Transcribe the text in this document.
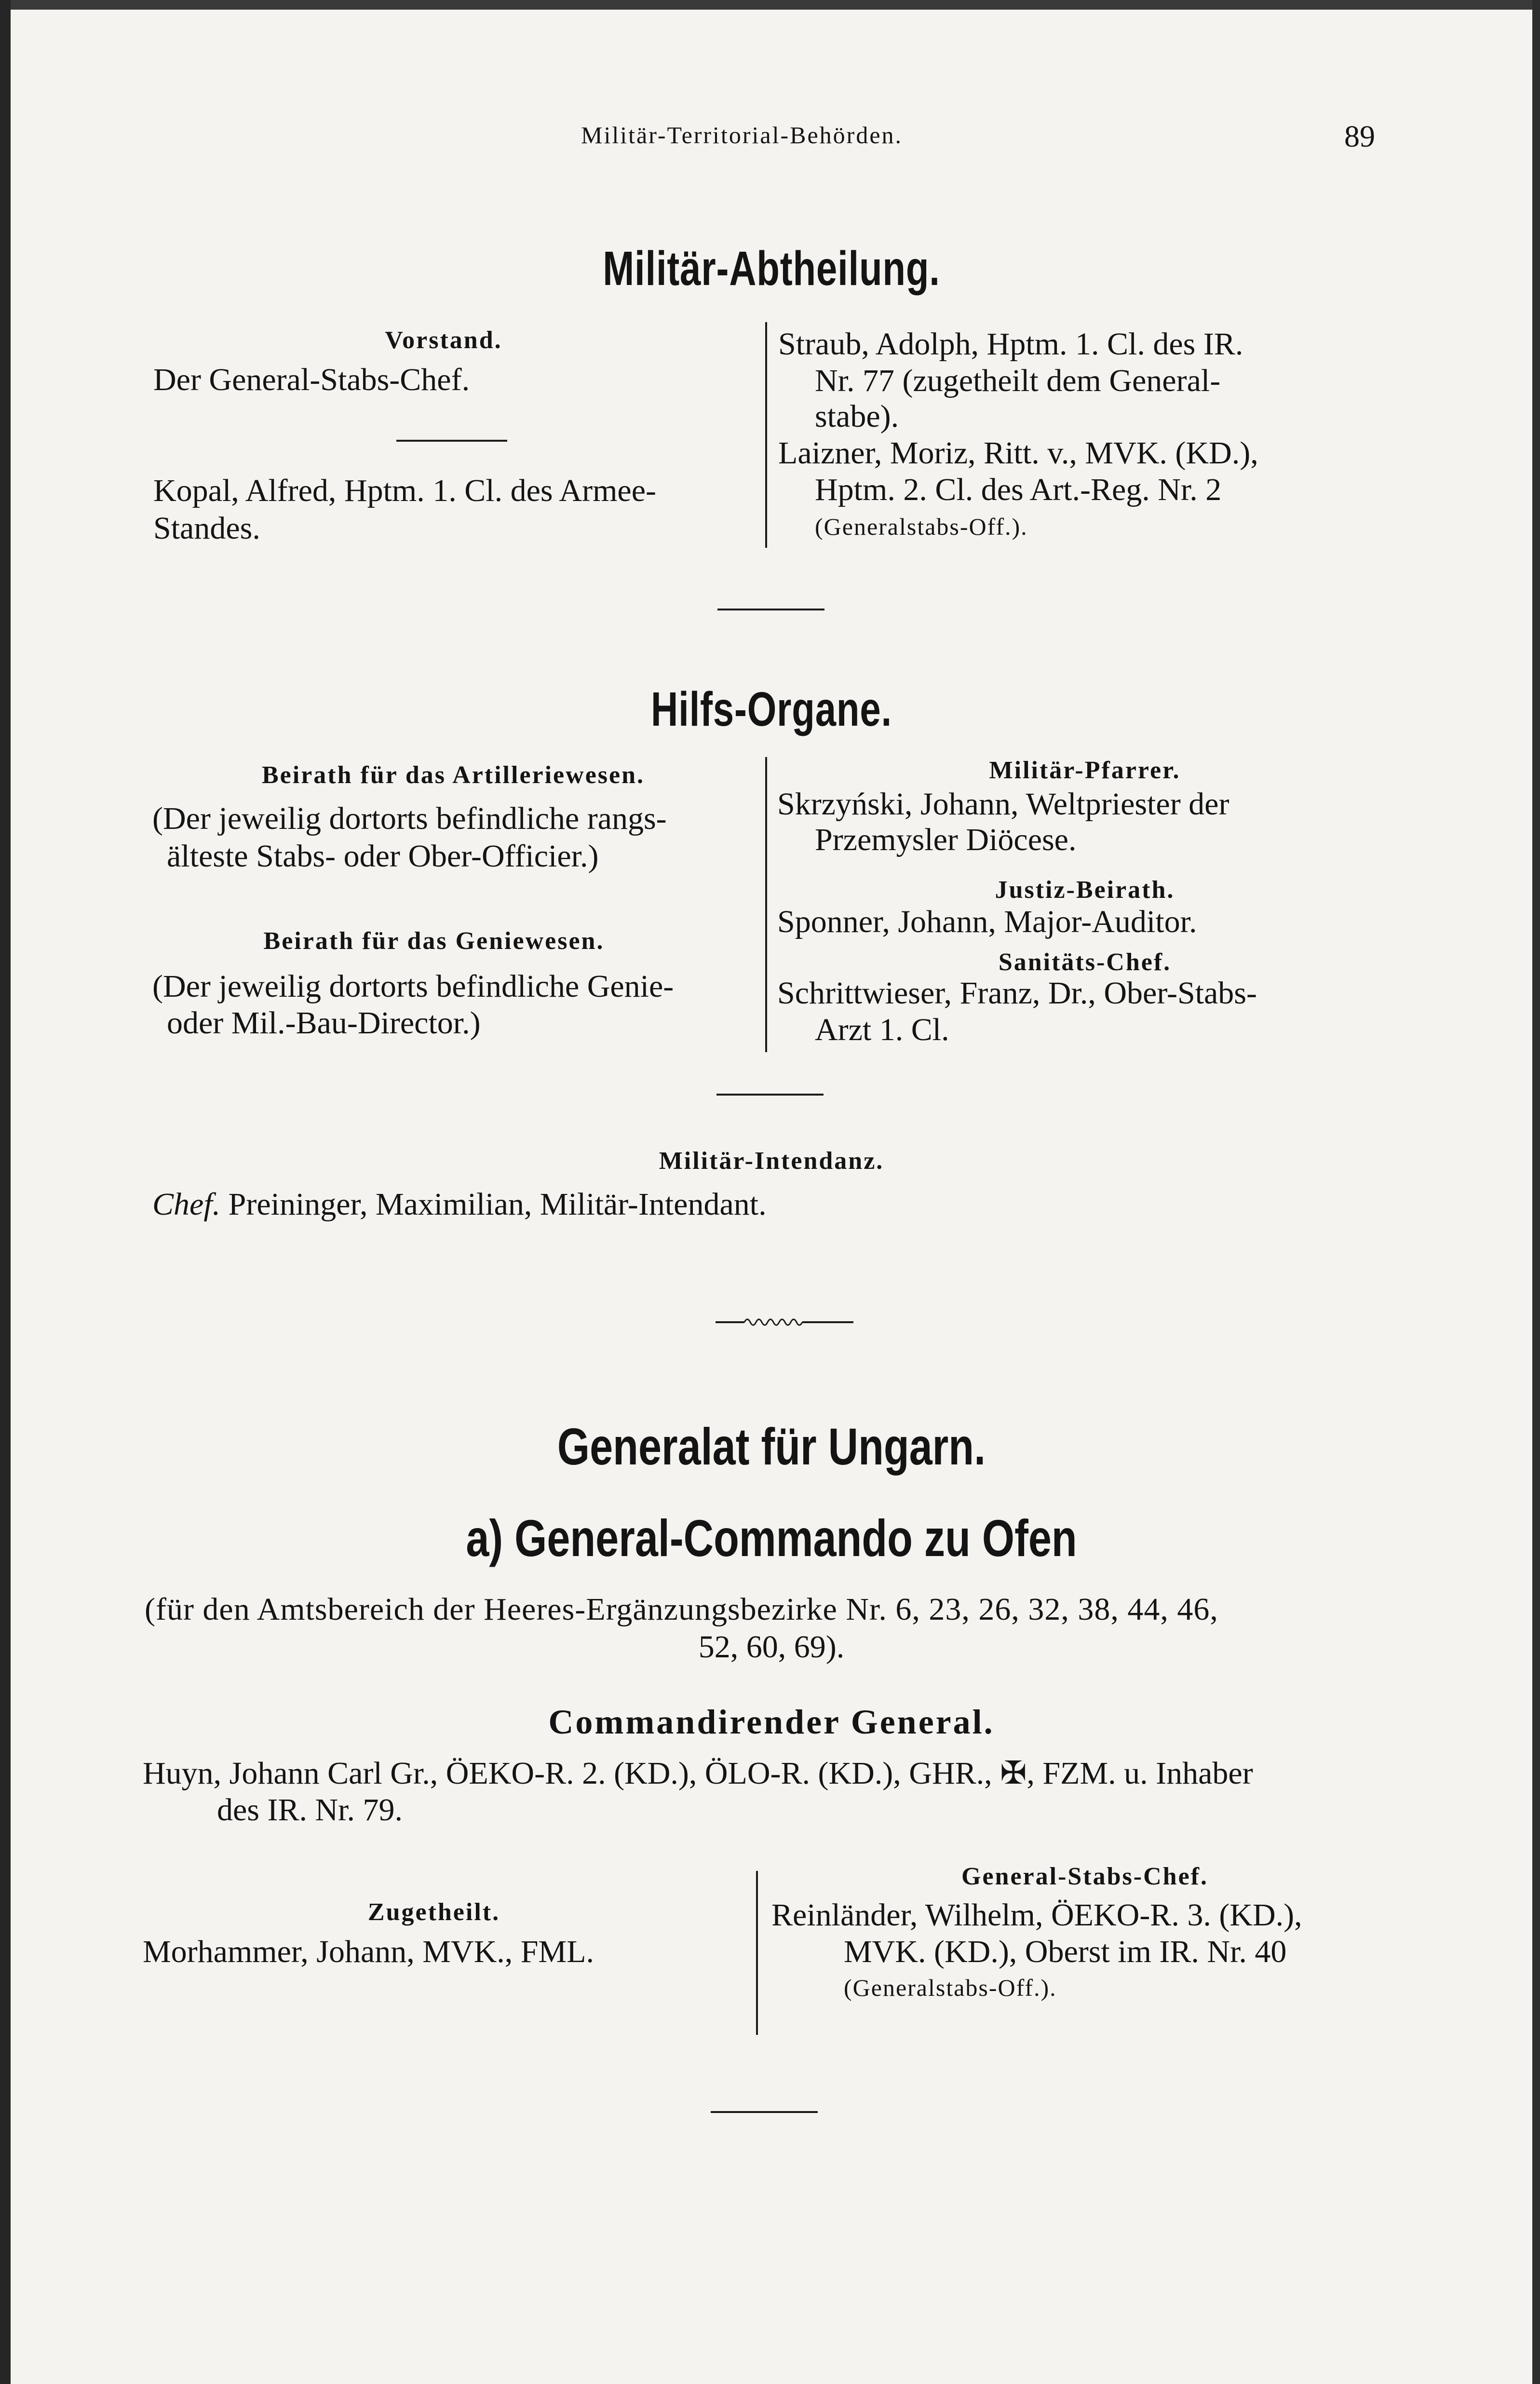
Militär-Territorial-Behörden.	89
Militär-Abtheilung.
Vorstand.
Der General-Stabs-Chef.
Kopal, Alfred, Hptm. 1. Cl. des Armee-
Standes.
Straub, Adolph, Hptm. 1. Cl. des IR.
Nr. 77 (zugetheilt dem General-
stabe).
Laizner, Moriz, Ritt. v., MVK. (KD.),
Hptm. 2. Cl. des Art.-Reg. Nr. 2
(Generalstabs-Off.).
Hilfs-Organe.
Beirath für das Artilleriewesen.
(Der jeweilig dortorts befindliche rangs-
älteste Stabs- oder Ober-Officier.)
Beirath für das Geniewesen.
(Der jeweilig dortorts befindliche Genie-
oder Mil.-Bau-Director.)
Militär-Pfarrer.
Skrzyński, Johann, Weltpriester der
Przemysler Diöcese.
Justiz-Beirath.
Sponner, Johann, Major-Auditor.
Sanitäts-Chef.
Schrittwieser, Franz, Dr., Ober-Stabs-
Arzt 1. Cl.
Militär-Intendanz.
Chef. Preininger, Maximilian, Militär-Intendant.
Generalat für Ungarn.
a) General-Commando zu Ofen
(für den Amtsbereich der Heeres-Ergänzungsbezirke Nr. 6, 23, 26, 32, 38, 44, 46,
52, 60, 69).
Commandirender General.
Huyn, Johann Carl Gr., ÖEKO-R. 2. (KD.), ÖLO-R. (KD.), GHR., ✠, FZM. u. Inhaber
des IR. Nr. 79.
Zugetheilt.
Morhammer, Johann, MVK., FML.
General-Stabs-Chef.
Reinländer, Wilhelm, ÖEKO-R. 3. (KD.),
MVK. (KD.), Oberst im IR. Nr. 40
(Generalstabs-Off.).
